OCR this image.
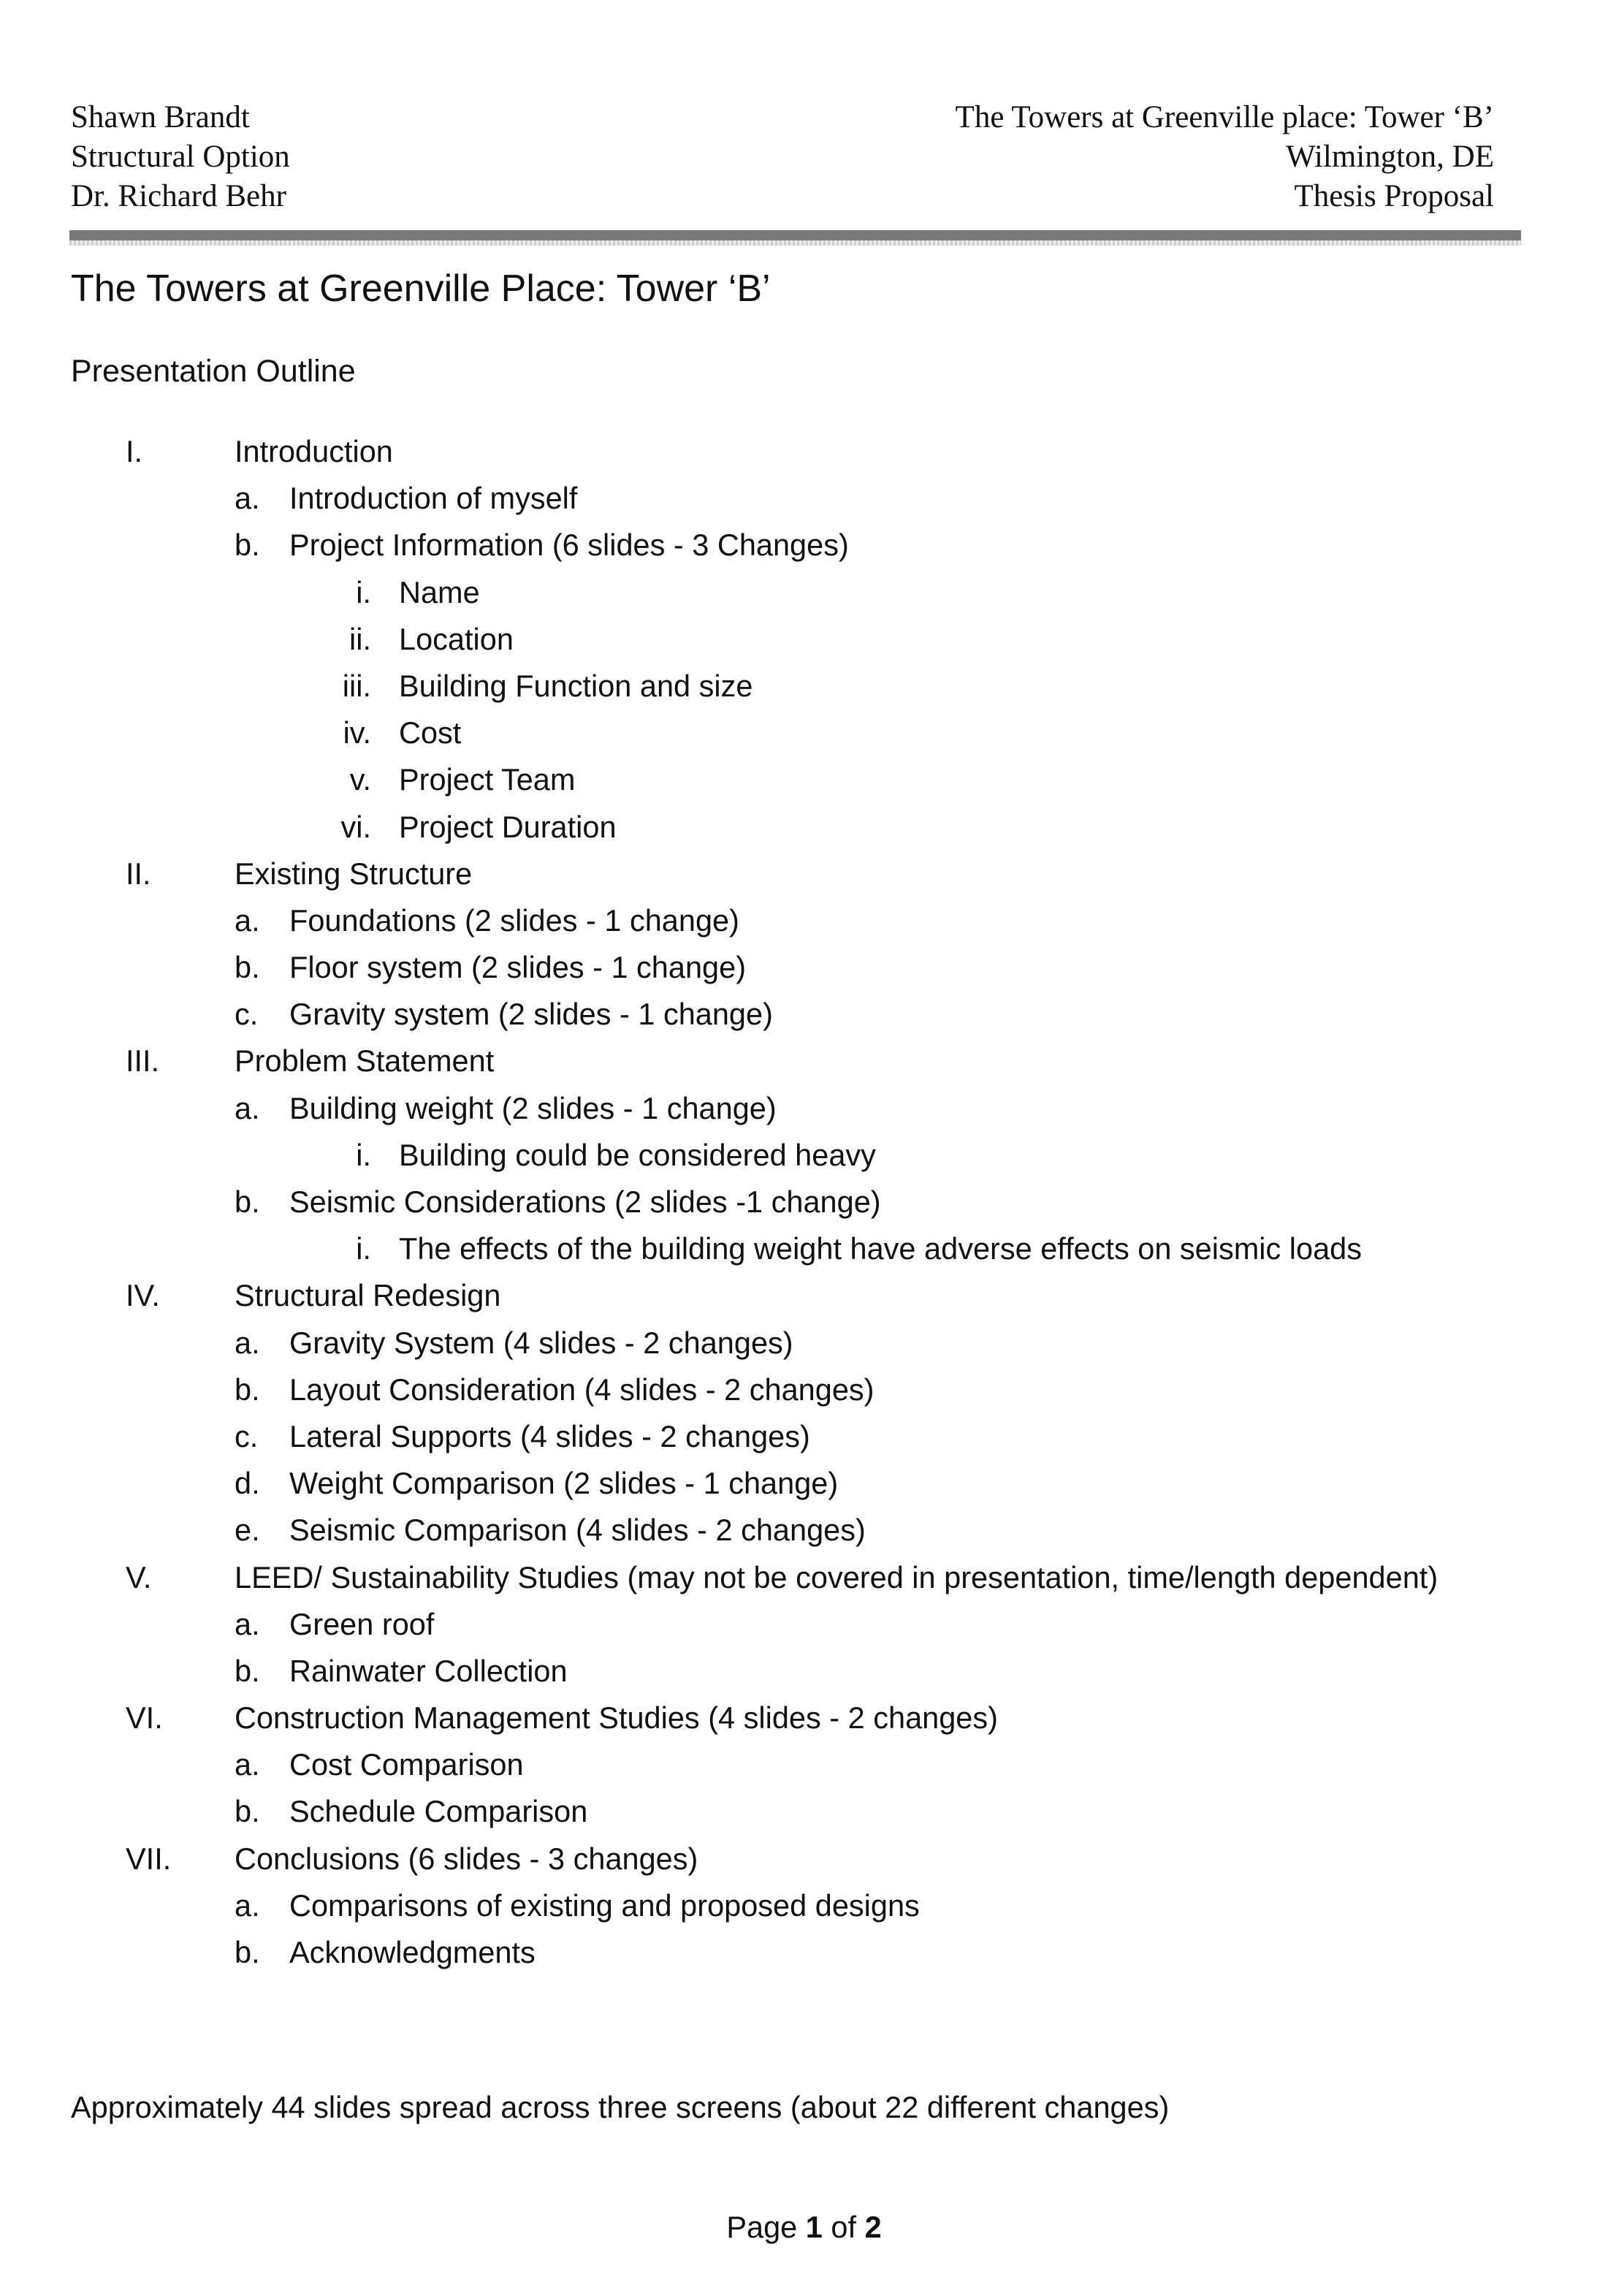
Shawn Brandt
Structural Option
Dr. Richard Behr
The Towers at Greenville place: Tower ‘B’
Wilmington, DE
Thesis Proposal
The Towers at Greenville Place: Tower ‘B’
Presentation Outline
I.	Introduction
a. Introduction of myself
b. Project Information (6 slides - 3 Changes)
i. Name
ii. Location
iii. Building Function and size
iv. Cost
v. Project Team
vi. Project Duration
II.	Existing Structure
a. Foundations (2 slides - 1 change)
b. Floor system (2 slides - 1 change)
c. Gravity system (2 slides - 1 change)
III. Problem Statement
a. Building weight (2 slides - 1 change)
i. Building could be considered heavy
b. Seismic Considerations (2 slides -1 change)
i. The effects of the building weight have adverse effects on seismic loads
IV. Structural Redesign
a. Gravity System (4 slides - 2 changes)
b. Layout Consideration (4 slides - 2 changes)
c. Lateral Supports (4 slides - 2 changes)
d. Weight Comparison (2 slides - 1 change)
e. Seismic Comparison (4 slides - 2 changes)
V.	LEED/ Sustainability Studies (may not be covered in presentation, time/length dependent)
a. Green roof
b. Rainwater Collection
VI. Construction Management Studies (4 slides - 2 changes)
a. Cost Comparison
b. Schedule Comparison
VII. Conclusions (6 slides - 3 changes)
a. Comparisons of existing and proposed designs
b. Acknowledgments
Approximately 44 slides spread across three screens (about 22 different changes)
Page 1 of 2
